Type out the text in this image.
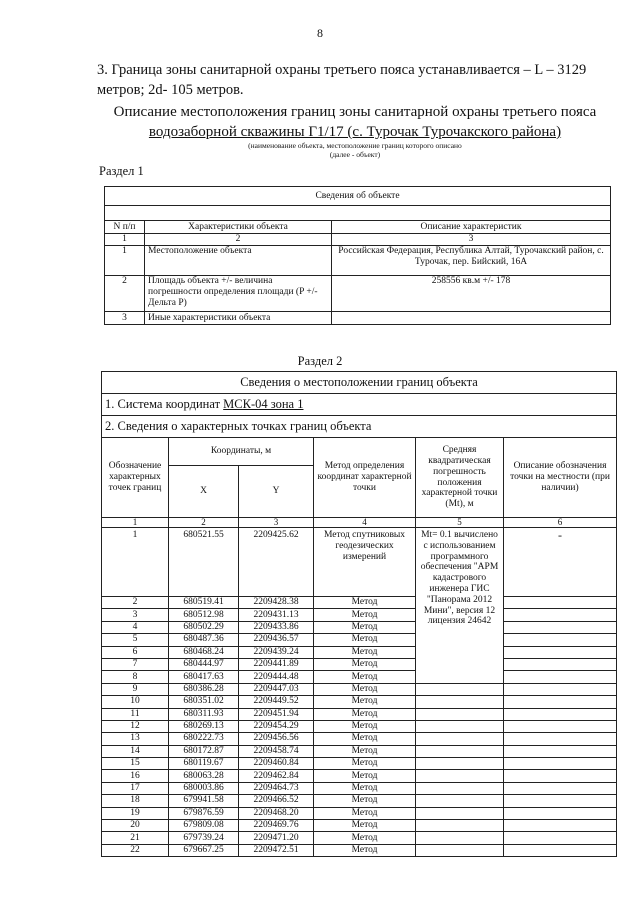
8
3. Граница зоны санитарной охраны третьего пояса устанавливается – L – 3129 метров; 2d- 105 метров.
Описание местоположения границ зоны санитарной охраны третьего пояса
водозаборной скважины Г1/17 (с. Турочак Турочакского района)
(наименование объекта, местоположение границ которого описано
(далее - объект)
Раздел 1
Сведения об объекте		

N п/п	Характеристики объекта	Описание характеристик
1	2	3
1	Местоположение объекта	Российская Федерация, Республика Алтай, Турочакский район, с. Турочак, пер. Бийский, 16А
2	Площадь объекта +/- величина погрешности определения площади (P +/- Дельта P)	258556 кв.м +/- 178
3	Иные характеристики объекта	
Раздел 2
Сведения о местоположении границ объекта					
1. Система координат МСК-04 зона 1					
2. Сведения о характерных точках границ объекта					
Обозначение характерных точек границ	Координаты, м		Метод определения координат характерной точки	Средняя квадратическая погрешность положения характерной точки (Mt), м	Описание обозначения точки на местности (при наличии)
	X	Y			
1	2	3	4	5	6
1	680521.55	2209425.62	Метод спутниковых геодезических измерений	Mt= 0.1 вычислено с использованием программного обеспечения "АРМ кадастрового инженера ГИС "Панорама 2012 Мини", версия 12 лицензия 24642	-
2	680519.41	2209428.38	Метод		
3	680512.98	2209431.13	Метод		
4	680502.29	2209433.86	Метод		
5	680487.36	2209436.57	Метод		
6	680468.24	2209439.24	Метод		
7	680444.97	2209441.89	Метод		
8	680417.63	2209444.48	Метод		
9	680386.28	2209447.03	Метод		
10	680351.02	2209449.52	Метод		
11	680311.93	2209451.94	Метод		
12	680269.13	2209454.29	Метод		
13	680222.73	2209456.56	Метод		
14	680172.87	2209458.74	Метод		
15	680119.67	2209460.84	Метод		
16	680063.28	2209462.84	Метод		
17	680003.86	2209464.73	Метод		
18	679941.58	2209466.52	Метод		
19	679876.59	2209468.20	Метод		
20	679809.08	2209469.76	Метод		
21	679739.24	2209471.20	Метод		
22	679667.25	2209472.51	Метод		
